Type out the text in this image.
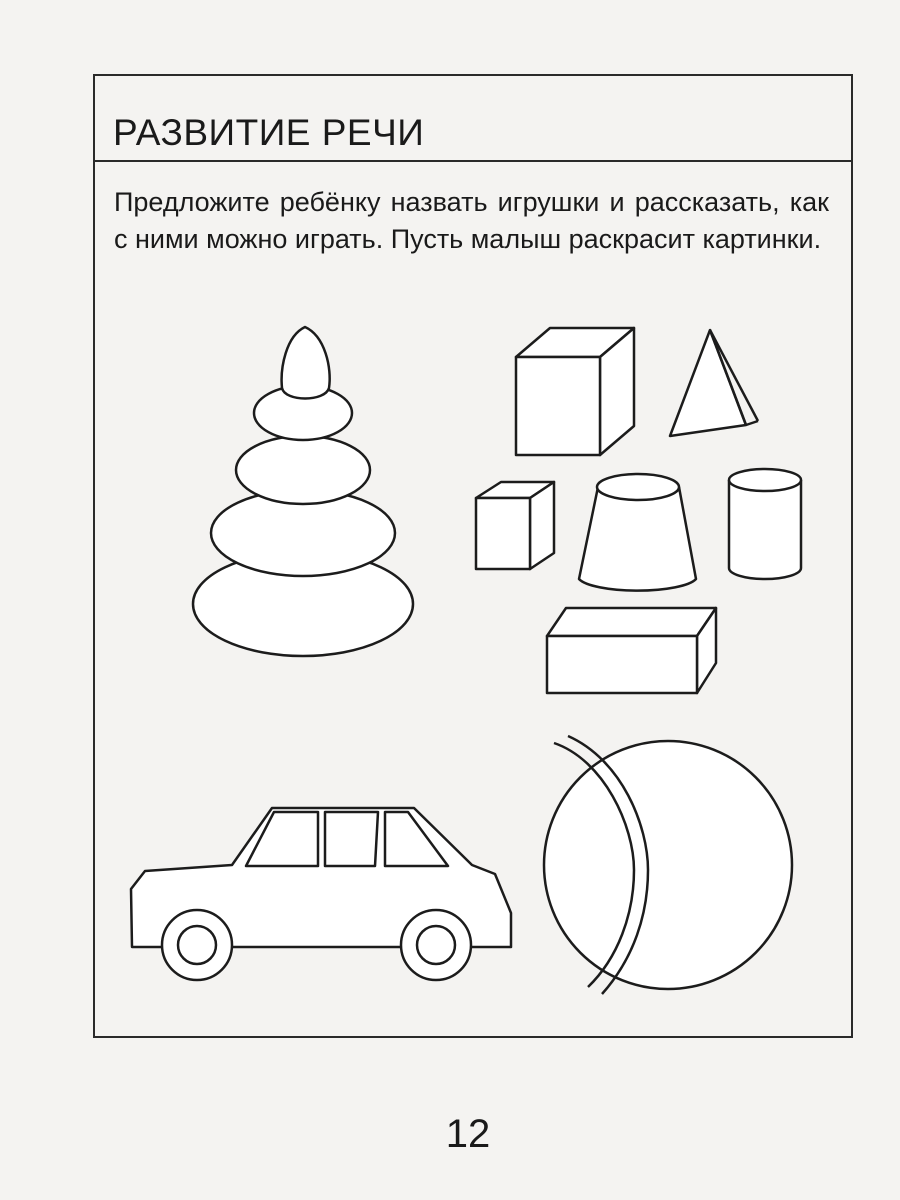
РАЗВИТИЕ РЕЧИ

Предложите ребёнку назвать игрушки и рассказать, как с ними можно играть. Пусть малыш раскрасит картинки.

12
